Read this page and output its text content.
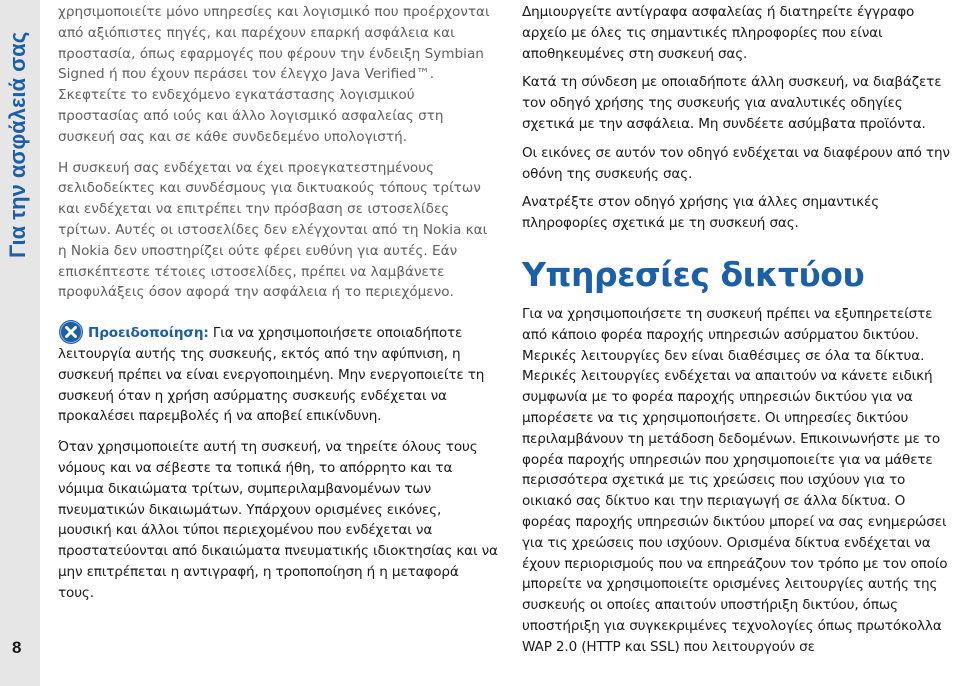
Για την ασφάλειά σας
8

χρησιμοποιείτε μόνο υπηρεσίες και λογισμικό που προέρχονται από αξιόπιστες πηγές, και παρέχουν επαρκή ασφάλεια και προστασία, όπως εφαρμογές που φέρουν την ένδειξη Symbian Signed ή που έχουν περάσει τον έλεγχο Java Verified™. Σκεφτείτε το ενδεχόμενο εγκατάστασης λογισμικού προστασίας από ιούς και άλλο λογισμικό ασφαλείας στη συσκευή σας και σε κάθε συνδεδεμένο υπολογιστή.

Η συσκευή σας ενδέχεται να έχει προεγκατεστημένους σελιδοδείκτες και συνδέσμους για δικτυακούς τόπους τρίτων και ενδέχεται να επιτρέπει την πρόσβαση σε ιστοσελίδες τρίτων. Αυτές οι ιστοσελίδες δεν ελέγχονται από τη Nokia και η Nokia δεν υποστηρίζει ούτε φέρει ευθύνη για αυτές. Εάν επισκέπτεστε τέτοιες ιστοσελίδες, πρέπει να λαμβάνετε προφυλάξεις όσον αφορά την ασφάλεια ή το περιεχόμενο.

Προειδοποίηση: Για να χρησιμοποιήσετε οποιαδήποτε λειτουργία αυτής της συσκευής, εκτός από την αφύπνιση, η συσκευή πρέπει να είναι ενεργοποιημένη. Μην ενεργοποιείτε τη συσκευή όταν η χρήση ασύρματης συσκευής ενδέχεται να προκαλέσει παρεμβολές ή να αποβεί επικίνδυνη.

Όταν χρησιμοποιείτε αυτή τη συσκευή, να τηρείτε όλους τους νόμους και να σέβεστε τα τοπικά ήθη, το απόρρητο και τα νόμιμα δικαιώματα τρίτων, συμπεριλαμβανομένων των πνευματικών δικαιωμάτων. Υπάρχουν ορισμένες εικόνες, μουσική και άλλοι τύποι περιεχομένου που ενδέχεται να προστατεύονται από δικαιώματα πνευματικής ιδιοκτησίας και να μην επιτρέπεται η αντιγραφή, η τροποποίηση ή η μεταφορά τους.

Δημιουργείτε αντίγραφα ασφαλείας ή διατηρείτε έγγραφο αρχείο με όλες τις σημαντικές πληροφορίες που είναι αποθηκευμένες στη συσκευή σας.

Κατά τη σύνδεση με οποιαδήποτε άλλη συσκευή, να διαβάζετε τον οδηγό χρήσης της συσκευής για αναλυτικές οδηγίες σχετικά με την ασφάλεια. Μη συνδέετε ασύμβατα προϊόντα.

Οι εικόνες σε αυτόν τον οδηγό ενδέχεται να διαφέρουν από την οθόνη της συσκευής σας.

Ανατρέξτε στον οδηγό χρήσης για άλλες σημαντικές πληροφορίες σχετικά με τη συσκευή σας.

Υπηρεσίες δικτύου

Για να χρησιμοποιήσετε τη συσκευή πρέπει να εξυπηρετείστε από κάποιο φορέα παροχής υπηρεσιών ασύρματου δικτύου. Μερικές λειτουργίες δεν είναι διαθέσιμες σε όλα τα δίκτυα. Μερικές λειτουργίες ενδέχεται να απαιτούν να κάνετε ειδική συμφωνία με το φορέα παροχής υπηρεσιών δικτύου για να μπορέσετε να τις χρησιμοποιήσετε. Οι υπηρεσίες δικτύου περιλαμβάνουν τη μετάδοση δεδομένων. Επικοινωνήστε με το φορέα παροχής υπηρεσιών που χρησιμοποιείτε για να μάθετε περισσότερα σχετικά με τις χρεώσεις που ισχύουν για το οικιακό σας δίκτυο και την περιαγωγή σε άλλα δίκτυα. Ο φορέας παροχής υπηρεσιών δικτύου μπορεί να σας ενημερώσει για τις χρεώσεις που ισχύουν. Ορισμένα δίκτυα ενδέχεται να έχουν περιορισμούς που να επηρεάζουν τον τρόπο με τον οποίο μπορείτε να χρησιμοποιείτε ορισμένες λειτουργίες αυτής της συσκευής οι οποίες απαιτούν υποστήριξη δικτύου, όπως υποστήριξη για συγκεκριμένες τεχνολογίες όπως πρωτόκολλα WAP 2.0 (HTTP και SSL) που λειτουργούν σε
